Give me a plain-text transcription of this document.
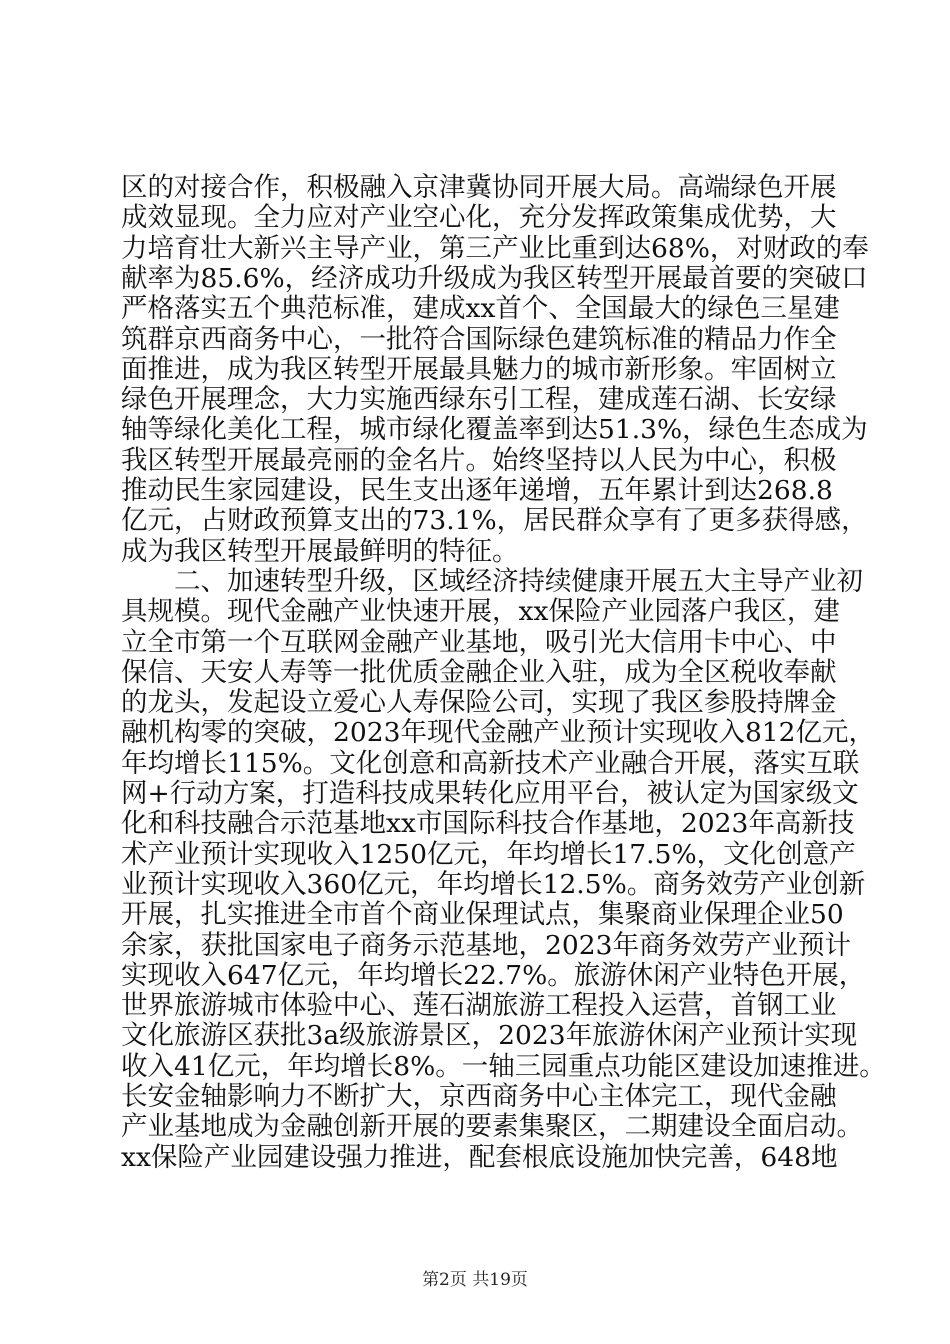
区的对接合作，积极融入京津冀协同开展大局。高端绿色开展

成效显现。全力应对产业空心化，充分发挥政策集成优势，大

力培育壮大新兴主导产业，第三产业比重到达68%，对财政的奉

献率为85.6%，经济成功升级成为我区转型开展最首要的突破口

严格落实五个典范标准，建成xx首个、全国最大的绿色三星建

筑群京西商务中心，一批符合国际绿色建筑标准的精品力作全

面推进，成为我区转型开展最具魅力的城市新形象。牢固树立

绿色开展理念，大力实施西绿东引工程，建成莲石湖、长安绿

轴等绿化美化工程，城市绿化覆盖率到达51.3%，绿色生态成为

我区转型开展最亮丽的金名片。始终坚持以人民为中心，积极

推动民生家园建设，民生支出逐年递增，五年累计到达268.8

亿元，占财政预算支出的73.1%，居民群众享有了更多获得感，

成为我区转型开展最鲜明的特征。

二、加速转型升级，区域经济持续健康开展五大主导产业初

具规模。现代金融产业快速开展，xx保险产业园落户我区，建

立全市第一个互联网金融产业基地，吸引光大信用卡中心、中

保信、天安人寿等一批优质金融企业入驻，成为全区税收奉献

的龙头，发起设立爱心人寿保险公司，实现了我区参股持牌金

融机构零的突破，2023年现代金融产业预计实现收入812亿元，

年均增长115%。文化创意和高新技术产业融合开展，落实互联

网+行动方案，打造科技成果转化应用平台，被认定为国家级文

化和科技融合示范基地xx市国际科技合作基地，2023年高新技

术产业预计实现收入1250亿元，年均增长17.5%，文化创意产

业预计实现收入360亿元，年均增长12.5%。商务效劳产业创新

开展，扎实推进全市首个商业保理试点，集聚商业保理企业50

余家，获批国家电子商务示范基地，2023年商务效劳产业预计

实现收入647亿元，年均增长22.7%。旅游休闲产业特色开展，

世界旅游城市体验中心、莲石湖旅游工程投入运营，首钢工业

文化旅游区获批3a级旅游景区，2023年旅游休闲产业预计实现

收入41亿元，年均增长8%。一轴三园重点功能区建设加速推进。

长安金轴影响力不断扩大，京西商务中心主体完工，现代金融

产业基地成为金融创新开展的要素集聚区，二期建设全面启动。

第2页 共19页

xx保险产业园建设强力推进，配套根底设施加快完善，648地
